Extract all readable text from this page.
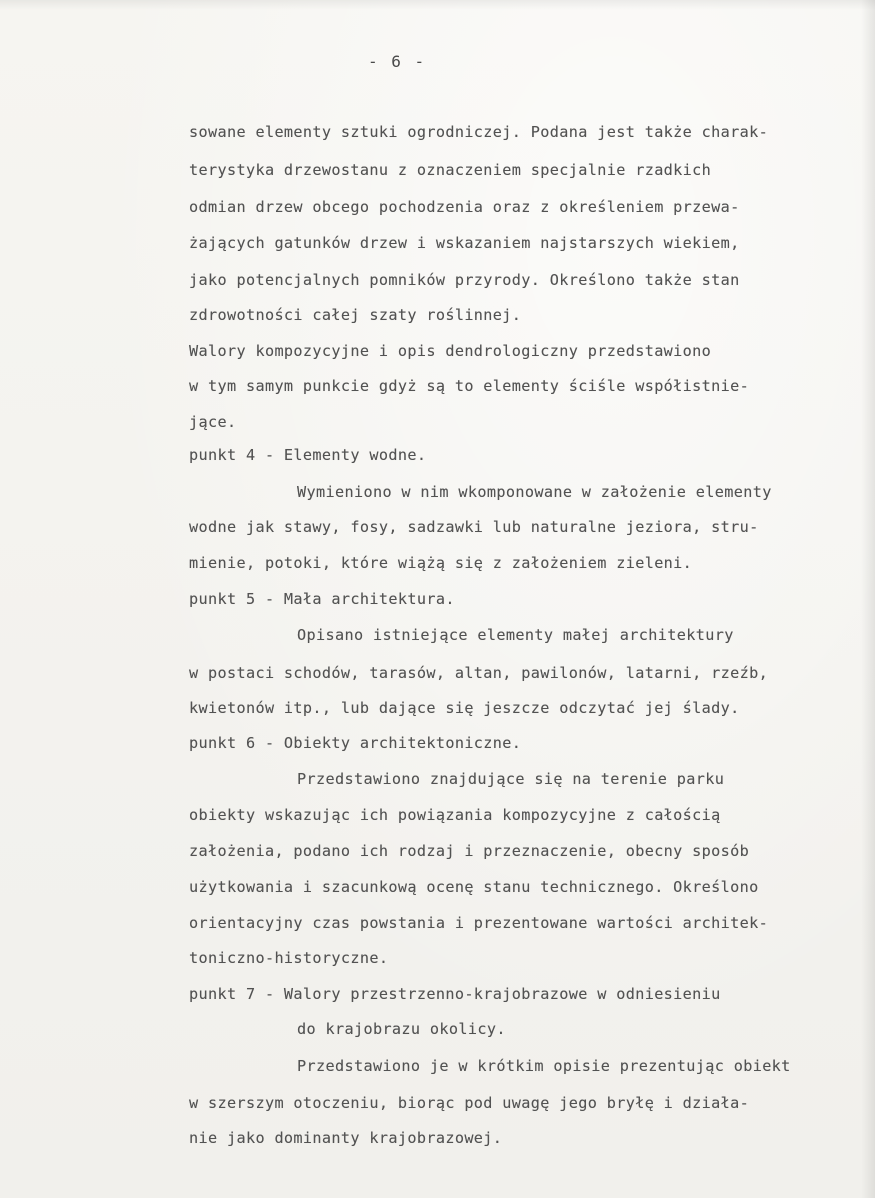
- 6 -
sowane elementy sztuki ogrodniczej. Podana jest także charak-
terystyka drzewostanu z oznaczeniem specjalnie rzadkich
odmian drzew obcego pochodzenia oraz z określeniem przewa-
żających gatunków drzew i wskazaniem najstarszych wiekiem,
jako potencjalnych pomników przyrody. Określono także stan
zdrowotności całej szaty roślinnej.
Walory kompozycyjne i opis dendrologiczny przedstawiono
w tym samym punkcie gdyż są to elementy ściśle współistnie-
jące.
punkt 4 - Elementy wodne.
Wymieniono w nim wkomponowane w założenie elementy
wodne jak stawy, fosy, sadzawki lub naturalne jeziora, stru-
mienie, potoki, które wiążą się z założeniem zieleni.
punkt 5 - Mała architektura.
Opisano istniejące elementy małej architektury
w postaci schodów, tarasów, altan, pawilonów, latarni, rzeźb,
kwietonów itp., lub dające się jeszcze odczytać jej ślady.
punkt 6 - Obiekty architektoniczne.
Przedstawiono znajdujące się na terenie parku
obiekty wskazując ich powiązania kompozycyjne z całością
założenia, podano ich rodzaj i przeznaczenie, obecny sposób
użytkowania i szacunkową ocenę stanu technicznego. Określono
orientacyjny czas powstania i prezentowane wartości architek-
toniczno-historyczne.
punkt 7 - Walory przestrzenno-krajobrazowe w odniesieniu
do krajobrazu okolicy.
Przedstawiono je w krótkim opisie prezentując obiekt
w szerszym otoczeniu, biorąc pod uwagę jego bryłę i działa-
nie jako dominanty krajobrazowej.
